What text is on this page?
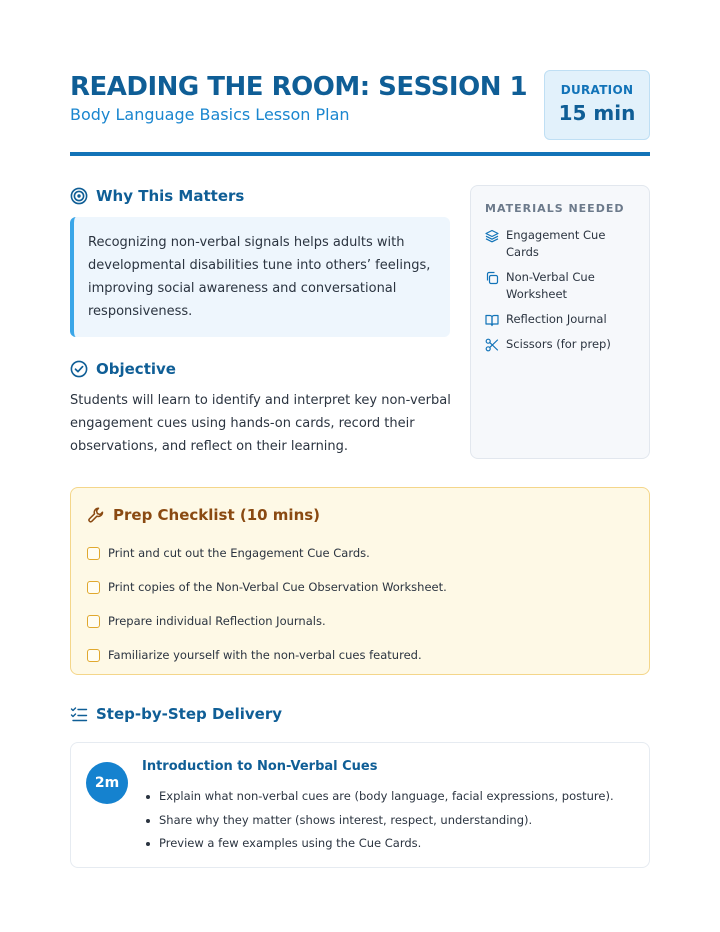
READING THE ROOM: SESSION 1
Body Language Basics Lesson Plan
DURATION
15 min
Why This Matters
Recognizing non-verbal signals helps adults with developmental disabilities tune into others’ feelings, improving social awareness and conversational responsiveness.
Objective
Students will learn to identify and interpret key non-verbal engagement cues using hands-on cards, record their observations, and reflect on their learning.
MATERIALS NEEDED
Engagement Cue Cards
Non-Verbal Cue Worksheet
Reflection Journal
Scissors (for prep)
Prep Checklist (10 mins)
Print and cut out the Engagement Cue Cards.
Print copies of the Non-Verbal Cue Observation Worksheet.
Prepare individual Reflection Journals.
Familiarize yourself with the non-verbal cues featured.
Step-by-Step Delivery
2m
Introduction to Non-Verbal Cues
Explain what non-verbal cues are (body language, facial expressions, posture).
Share why they matter (shows interest, respect, understanding).
Preview a few examples using the Cue Cards.
